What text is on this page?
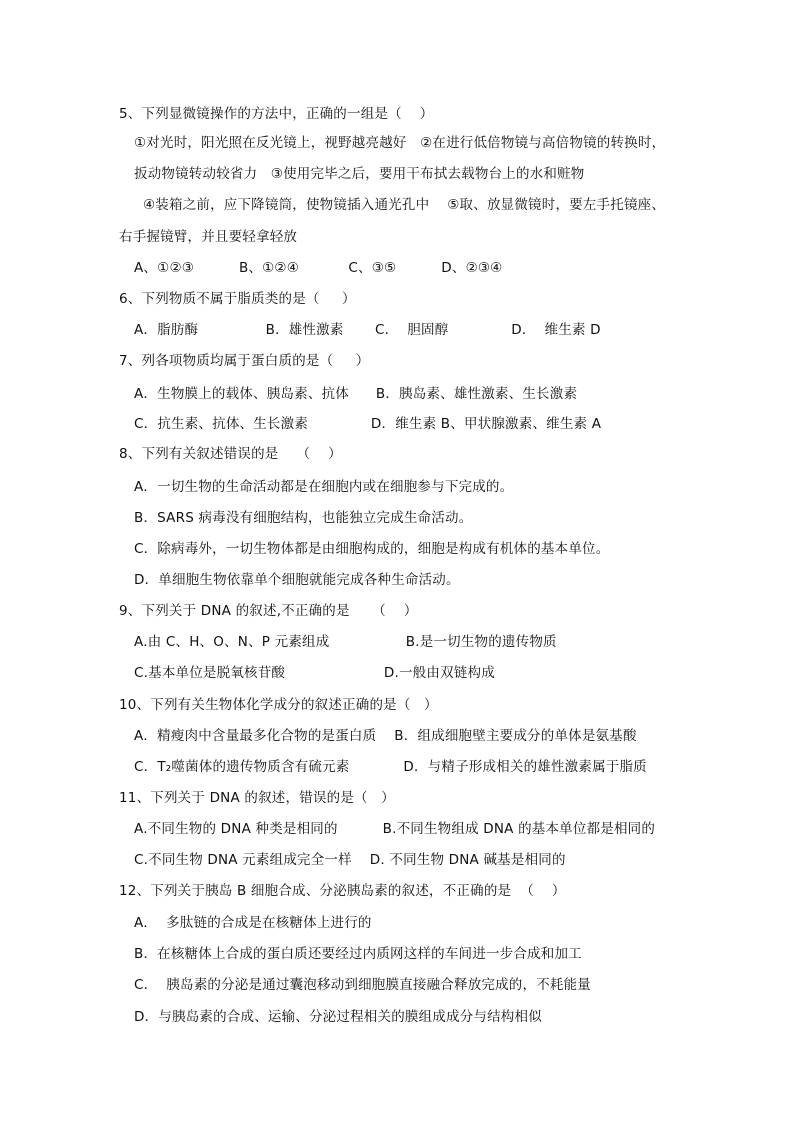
5、下列显微镜操作的方法中，正确的一组是（    ）
①对光时，阳光照在反光镜上，视野越亮越好   ②在进行低倍物镜与高倍物镜的转换时，
扳动物镜转动较省力   ③使用完毕之后，要用干布拭去载物台上的水和赃物
④装箱之前，应下降镜筒，使物镜插入通光孔中    ⑤取、放显微镜时，要左手托镜座、
右手握镜臂，并且要轻拿轻放
A、①②③          B、①②④           C、③⑤          D、②③④
6、下列物质不属于脂质类的是（     ）
A．脂肪酶               B．雄性激素       C．  胆固醇              D．  维生素 D
7、列各项物质均属于蛋白质的是（     ）
A．生物膜上的载体、胰岛素、抗体      B．胰岛素、雄性激素、生长激素
C．抗生素、抗体、生长激素              D．维生素 B、甲状腺激素、维生素 A
8、下列有关叙述错误的是    （    ）
A．一切生物的生命活动都是在细胞内或在细胞参与下完成的。
B．SARS 病毒没有细胞结构，也能独立完成生命活动。
C．除病毒外，一切生物体都是由细胞构成的，细胞是构成有机体的基本单位。
D．单细胞生物依靠单个细胞就能完成各种生命活动。
9、下列关于 DNA 的叙述,不正确的是     （    ）
A.由 C、H、O、N、P 元素组成                 B.是一切生物的遗传物质
C.基本单位是脱氧核苷酸                      D.一般由双链构成
10、下列有关生物体化学成分的叙述正确的是（   ）
A．精瘦肉中含量最多化合物的是蛋白质    B．组成细胞壁主要成分的单体是氨基酸
C．T₂噬菌体的遗传物质含有硫元素            D．与精子形成相关的雄性激素属于脂质
11、下列关于 DNA 的叙述，错误的是（   ）
A.不同生物的 DNA 种类是相同的          B.不同生物组成 DNA 的基本单位都是相同的
C.不同生物 DNA 元素组成完全一样    D. 不同生物 DNA 碱基是相同的
12、下列关于胰岛 B 细胞合成、分泌胰岛素的叙述，不正确的是  （    ）
A．  多肽链的合成是在核糖体上进行的
B．在核糖体上合成的蛋白质还要经过内质网这样的车间进一步合成和加工
C．  胰岛素的分泌是通过囊泡移动到细胞膜直接融合释放完成的，不耗能量
D．与胰岛素的合成、运输、分泌过程相关的膜组成成分与结构相似
